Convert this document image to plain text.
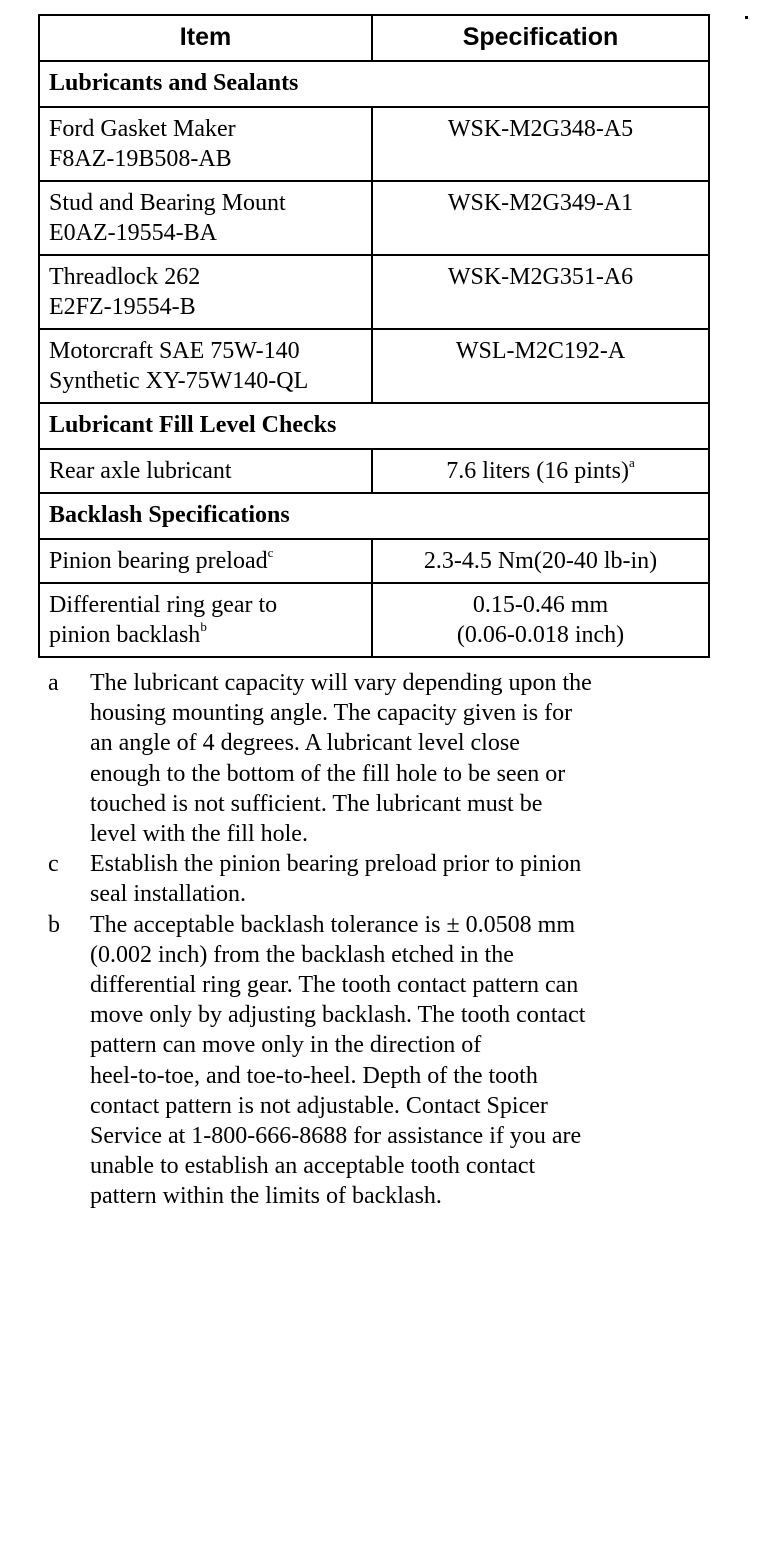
Item	Specification
Lubricants and Sealants	

Ford Gasket Maker
F8AZ-19B508-AB	WSK-M2G348-A5

Stud and Bearing Mount
E0AZ-19554-BA	WSK-M2G349-A1

Threadlock 262
E2FZ-19554-B	WSK-M2G351-A6

Motorcraft SAE 75W-140
Synthetic XY-75W140-QL	WSL-M2C192-A

Lubricant Fill Level Checks	

Rear axle lubricant	7.6 liters (16 pints)$^a$

Backlash Specifications	

Pinion bearing preload$^c$	2.3-4.5 Nm(20-40 lb-in)

Differential ring gear to
pinion backlash$^b$	0.15-0.46 mm
(0.06-0.018 inch)
a	The lubricant capacity will vary depending upon the
housing mounting angle. The capacity given is for
an angle of 4 degrees. A lubricant level close
enough to the bottom of the fill hole to be seen or
touched is not sufficient. The lubricant must be
level with the fill hole.
c	Establish the pinion bearing preload prior to pinion
seal installation.
b	The acceptable backlash tolerance is ± 0.0508 mm
(0.002 inch) from the backlash etched in the
differential ring gear. The tooth contact pattern can
move only by adjusting backlash. The tooth contact
pattern can move only in the direction of
heel-to-toe, and toe-to-heel. Depth of the tooth
contact pattern is not adjustable. Contact Spicer
Service at 1-800-666-8688 for assistance if you are
unable to establish an acceptable tooth contact
pattern within the limits of backlash.
